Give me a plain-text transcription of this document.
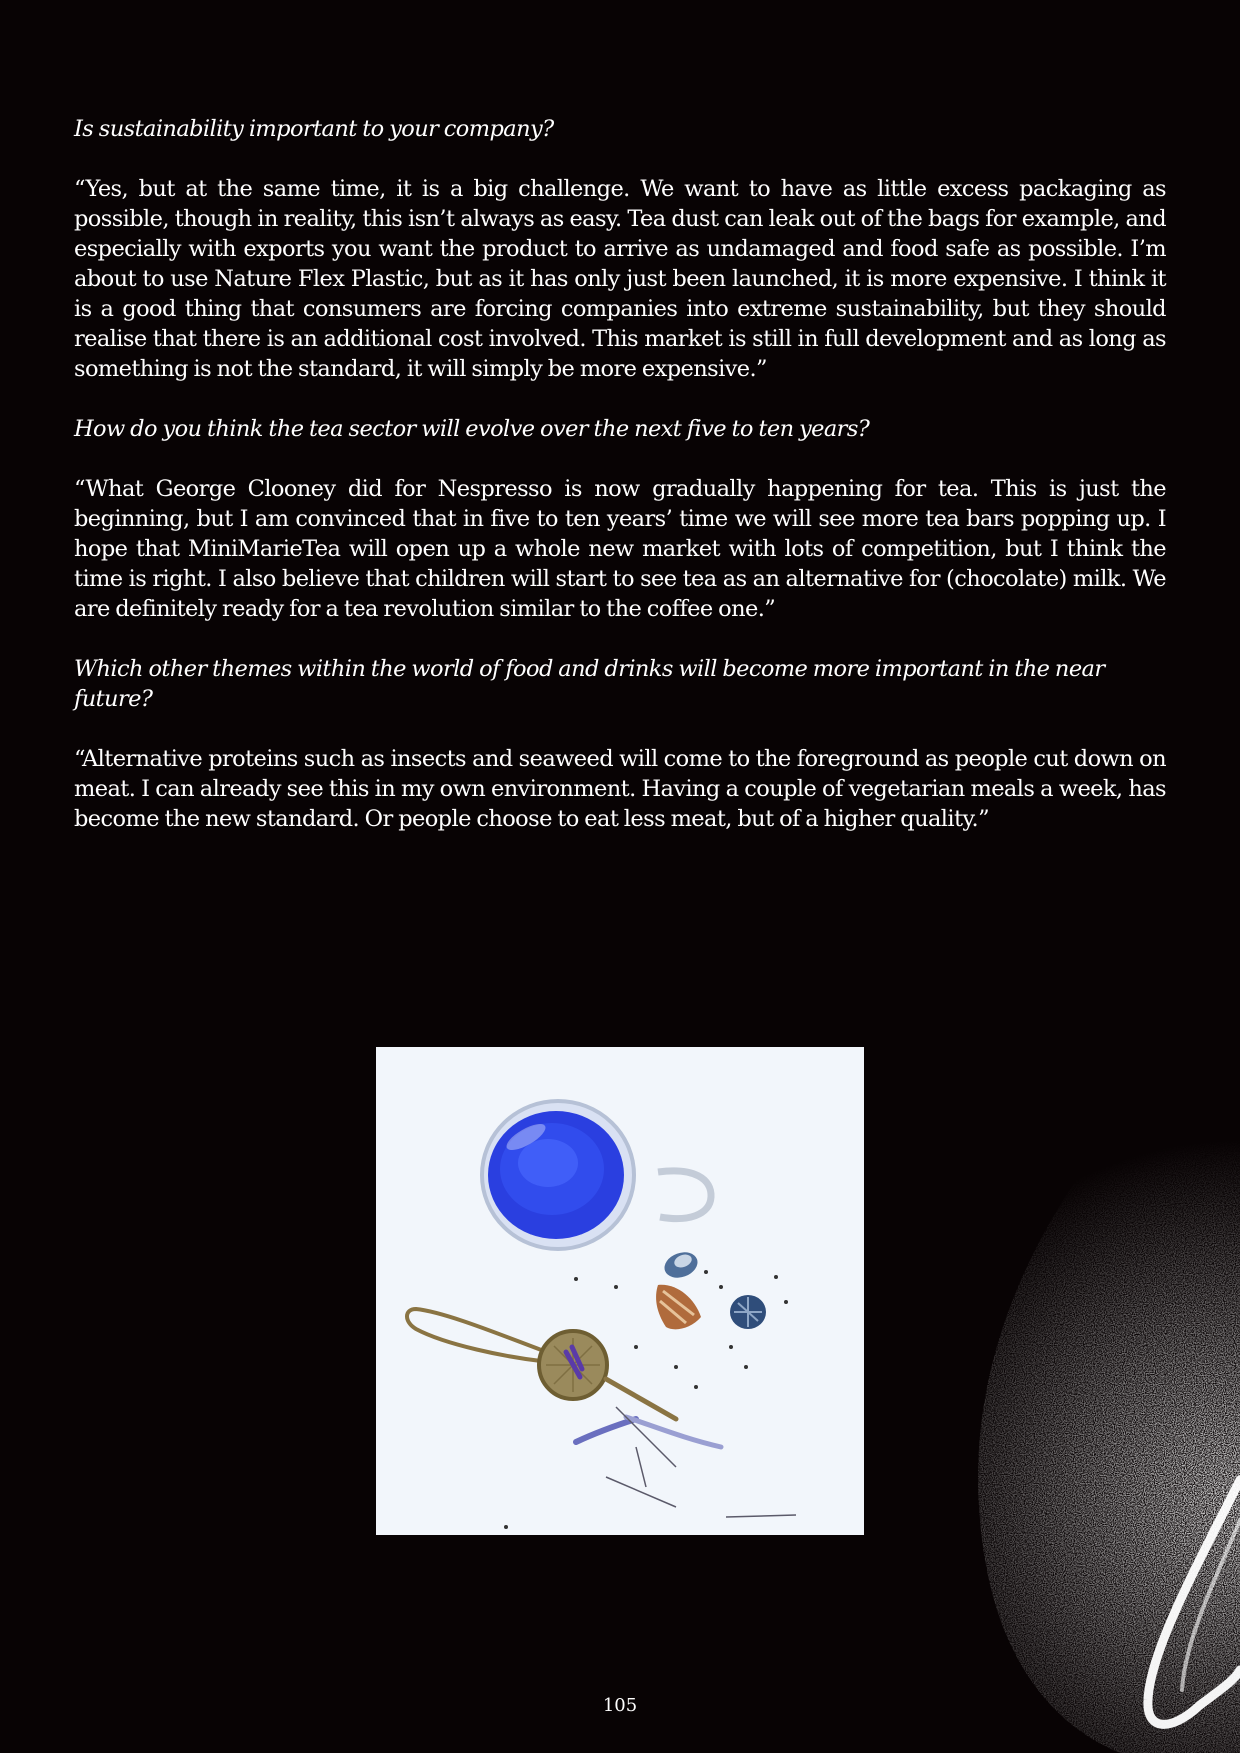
Is sustainability important to your company?

“Yes, but at the same time, it is a big challenge. We want to have as little excess packaging as possible, though in reality, this isn’t always as easy. Tea dust can leak out of the bags for example, and especially with exports you want the product to arrive as undamaged and food safe as possible. I’m about to use Nature Flex Plastic, but as it has only just been launched, it is more expensive. I think it is a good thing that consumers are forcing companies into extreme sustainability, but they should realise that there is an additional cost involved. This market is still in full development and as long as something is not the standard, it will simply be more expensive.”

How do you think the tea sector will evolve over the next five to ten years?

“What George Clooney did for Nespresso is now gradually happening for tea. This is just the beginning, but I am convinced that in five to ten years’ time we will see more tea bars popping up. I hope that MiniMarieTea will open up a whole new market with lots of competition, but I think the time is right. I also believe that children will start to see tea as an alternative for (chocolate) milk. We are definitely ready for a tea revolution similar to the coffee one.”

Which other themes within the world of food and drinks will become more important in the near future?

“Alternative proteins such as insects and seaweed will come to the foreground as people cut down on meat. I can already see this in my own environment. Having a couple of vegetarian meals a week, has become the new standard. Or people choose to eat less meat, but of a higher quality.”

105
